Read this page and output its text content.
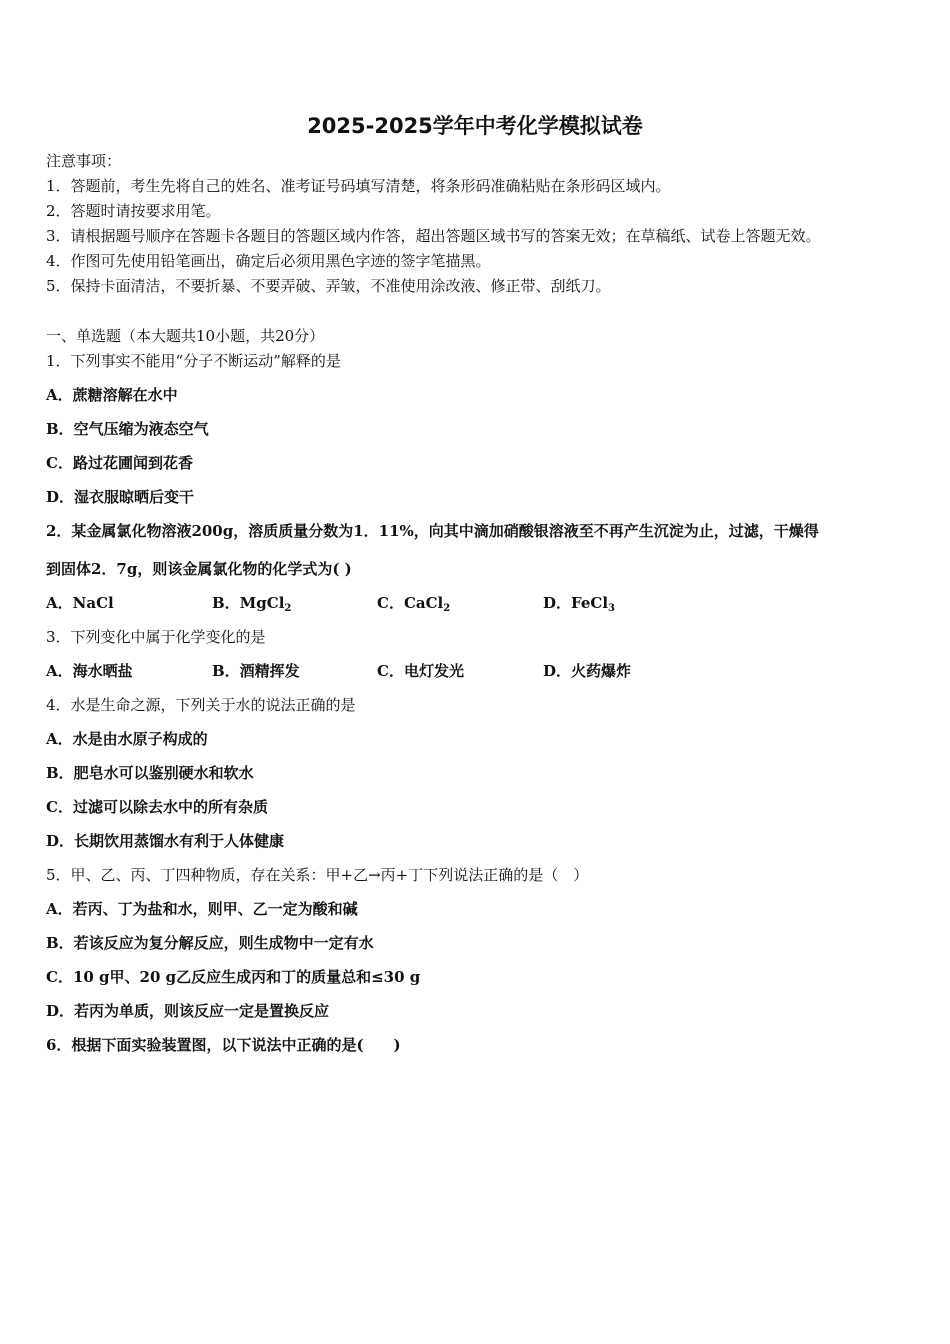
2025-2025学年中考化学模拟试卷
注意事项：
1．答题前，考生先将自己的姓名、准考证号码填写清楚，将条形码准确粘贴在条形码区域内。
2．答题时请按要求用笔。
3．请根据题号顺序在答题卡各题目的答题区域内作答，超出答题区域书写的答案无效；在草稿纸、试卷上答题无效。
4．作图可先使用铅笔画出，确定后必须用黑色字迹的签字笔描黑。
5．保持卡面清洁，不要折暴、不要弄破、弄皱，不准使用涂改液、修正带、刮纸刀。
一、单选题（本大题共10小题，共20分）
1．下列事实不能用“分子不断运动”解释的是
A．蔗糖溶解在水中
B．空气压缩为液态空气
C．路过花圃闻到花香
D．湿衣服晾晒后变干
2．某金属氯化物溶液200g，溶质质量分数为1．11%，向其中滴加硝酸银溶液至不再产生沉淀为止，过滤，干燥得
到固体2．7g，则该金属氯化物的化学式为( )
A．NaCl	B．MgCl$_2$	C．CaCl$_2$	D．FeCl$_3$
3．下列变化中属于化学变化的是
A．海水晒盐	B．酒精挥发	C．电灯发光	D．火药爆炸
4．水是生命之源，下列关于水的说法正确的是
A．水是由水原子构成的
B．肥皂水可以鉴别硬水和软水
C．过滤可以除去水中的所有杂质
D．长期饮用蒸馏水有利于人体健康
5．甲、乙、丙、丁四种物质，存在关系：甲+乙→丙+丁下列说法正确的是（　）
A．若丙、丁为盐和水，则甲、乙一定为酸和碱
B．若该反应为复分解反应，则生成物中一定有水
C．10 g甲、20 g乙反应生成丙和丁的质量总和≤30 g
D．若丙为单质，则该反应一定是置换反应
6．根据下面实验装置图，以下说法中正确的是(　　)
